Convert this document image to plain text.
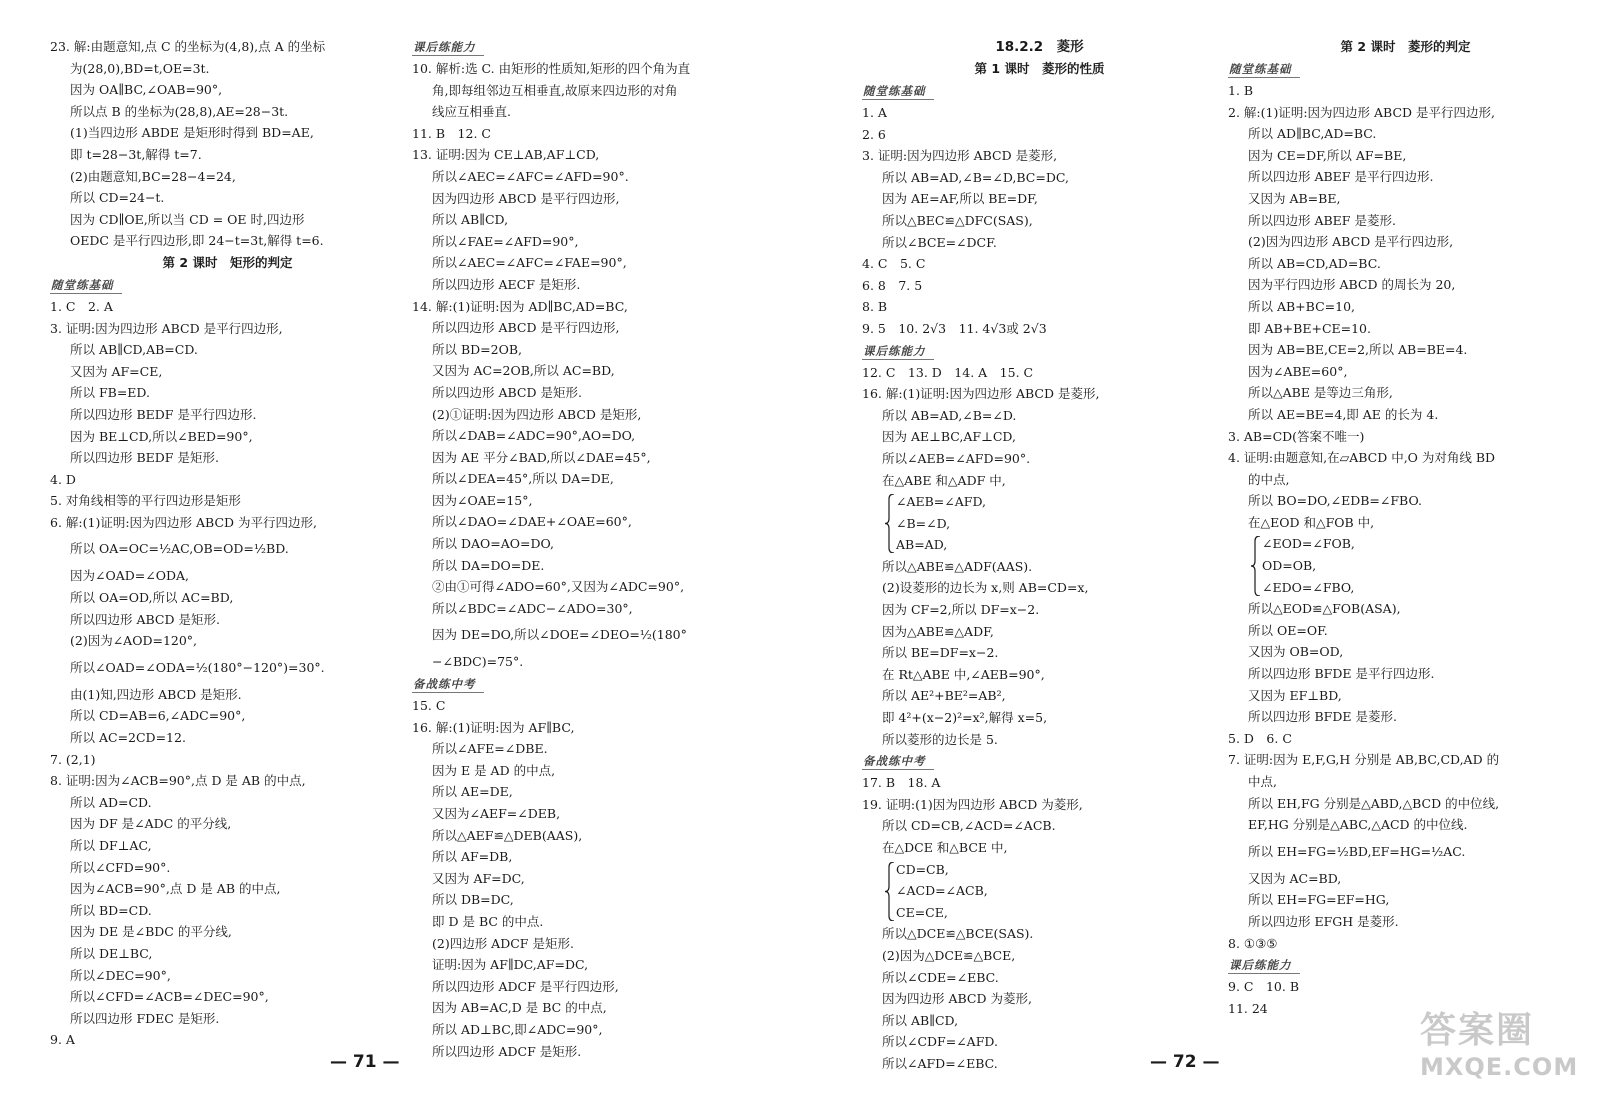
23. 解:由题意知,点 C 的坐标为(4,8),点 A 的坐标
为(28,0),BD=t,OE=3t.
因为 OA∥BC,∠OAB=90°,
所以点 B 的坐标为(28,8),AE=28−3t.
(1)当四边形 ABDE 是矩形时得到 BD=AE,
即 t=28−3t,解得 t=7.
(2)由题意知,BC=28−4=24,
所以 CD=24−t.
因为 CD∥OE,所以当 CD = OE 时,四边形
OEDC 是平行四边形,即 24−t=3t,解得 t=6.
第 2 课时　矩形的判定
随堂练基础
1. C　2. A
3. 证明:因为四边形 ABCD 是平行四边形,
所以 AB∥CD,AB=CD.
又因为 AF=CE,
所以 FB=ED.
所以四边形 BEDF 是平行四边形.
因为 BE⊥CD,所以∠BED=90°,
所以四边形 BEDF 是矩形.
4. D
5. 对角线相等的平行四边形是矩形
6. 解:(1)证明:因为四边形 ABCD 为平行四边形,
所以 OA=OC=½AC,OB=OD=½BD.
因为∠OAD=∠ODA,
所以 OA=OD,所以 AC=BD,
所以四边形 ABCD 是矩形.
(2)因为∠AOD=120°,
所以∠OAD=∠ODA=½(180°−120°)=30°.
由(1)知,四边形 ABCD 是矩形.
所以 CD=AB=6,∠ADC=90°,
所以 AC=2CD=12.
7. (2,1)
8. 证明:因为∠ACB=90°,点 D 是 AB 的中点,
所以 AD=CD.
因为 DF 是∠ADC 的平分线,
所以 DF⊥AC,
所以∠CFD=90°.
因为∠ACB=90°,点 D 是 AB 的中点,
所以 BD=CD.
因为 DE 是∠BDC 的平分线,
所以 DE⊥BC,
所以∠DEC=90°,
所以∠CFD=∠ACB=∠DEC=90°,
所以四边形 FDEC 是矩形.
9. A
课后练能力
10. 解析:选 C. 由矩形的性质知,矩形的四个角为直
角,即每组邻边互相垂直,故原来四边形的对角
线应互相垂直.
11. B　12. C
13. 证明:因为 CE⊥AB,AF⊥CD,
所以∠AEC=∠AFC=∠AFD=90°.
因为四边形 ABCD 是平行四边形,
所以 AB∥CD,
所以∠FAE=∠AFD=90°,
所以∠AEC=∠AFC=∠FAE=90°,
所以四边形 AECF 是矩形.
14. 解:(1)证明:因为 AD∥BC,AD=BC,
所以四边形 ABCD 是平行四边形,
所以 BD=2OB,
又因为 AC=2OB,所以 AC=BD,
所以四边形 ABCD 是矩形.
(2)①证明:因为四边形 ABCD 是矩形,
所以∠DAB=∠ADC=90°,AO=DO,
因为 AE 平分∠BAD,所以∠DAE=45°,
所以∠DEA=45°,所以 DA=DE,
因为∠OAE=15°,
所以∠DAO=∠DAE+∠OAE=60°,
所以 DAO=AO=DO,
所以 DA=DO=DE.
②由①可得∠ADO=60°,又因为∠ADC=90°,
所以∠BDC=∠ADC−∠ADO=30°,
因为 DE=DO,所以∠DOE=∠DEO=½(180°
−∠BDC)=75°.
备战练中考
15. C
16. 解:(1)证明:因为 AF∥BC,
所以∠AFE=∠DBE.
因为 E 是 AD 的中点,
所以 AE=DE,
又因为∠AEF=∠DEB,
所以△AEF≌△DEB(AAS),
所以 AF=DB,
又因为 AF=DC,
所以 DB=DC,
即 D 是 BC 的中点.
(2)四边形 ADCF 是矩形.
证明:因为 AF∥DC,AF=DC,
所以四边形 ADCF 是平行四边形,
因为 AB=AC,D 是 BC 的中点,
所以 AD⊥BC,即∠ADC=90°,
所以四边形 ADCF 是矩形.
18.2.2　菱形
第 1 课时　菱形的性质
随堂练基础
1. A
2. 6
3. 证明:因为四边形 ABCD 是菱形,
所以 AB=AD,∠B=∠D,BC=DC,
因为 AE=AF,所以 BE=DF,
所以△BEC≌△DFC(SAS),
所以∠BCE=∠DCF.
4. C　5. C
6. 8　7. 5
8. B
9. 5　10. 2√3　11. 4√3或 2√3
课后练能力
12. C　13. D　14. A　15. C
16. 解:(1)证明:因为四边形 ABCD 是菱形,
所以 AB=AD,∠B=∠D.
因为 AE⊥BC,AF⊥CD,
所以∠AEB=∠AFD=90°.
在△ABE 和△ADF 中,
∠AEB=∠AFD,
∠B=∠D,
AB=AD,
所以△ABE≌△ADF(AAS).
(2)设菱形的边长为 x,则 AB=CD=x,
因为 CF=2,所以 DF=x−2.
因为△ABE≌△ADF,
所以 BE=DF=x−2.
在 Rt△ABE 中,∠AEB=90°,
所以 AE²+BE²=AB²,
即 4²+(x−2)²=x²,解得 x=5,
所以菱形的边长是 5.
备战练中考
17. B　18. A
19. 证明:(1)因为四边形 ABCD 为菱形,
所以 CD=CB,∠ACD=∠ACB.
在△DCE 和△BCE 中,
CD=CB,
∠ACD=∠ACB,
CE=CE,
所以△DCE≌△BCE(SAS).
(2)因为△DCE≌△BCE,
所以∠CDE=∠EBC.
因为四边形 ABCD 为菱形,
所以 AB∥CD,
所以∠CDF=∠AFD.
所以∠AFD=∠EBC.
第 2 课时　菱形的判定
随堂练基础
1. B
2. 解:(1)证明:因为四边形 ABCD 是平行四边形,
所以 AD∥BC,AD=BC.
因为 CE=DF,所以 AF=BE,
所以四边形 ABEF 是平行四边形.
又因为 AB=BE,
所以四边形 ABEF 是菱形.
(2)因为四边形 ABCD 是平行四边形,
所以 AB=CD,AD=BC.
因为平行四边形 ABCD 的周长为 20,
所以 AB+BC=10,
即 AB+BE+CE=10.
因为 AB=BE,CE=2,所以 AB=BE=4.
因为∠ABE=60°,
所以△ABE 是等边三角形,
所以 AE=BE=4,即 AE 的长为 4.
3. AB=CD(答案不唯一)
4. 证明:由题意知,在▱ABCD 中,O 为对角线 BD
的中点,
所以 BO=DO,∠EDB=∠FBO.
在△EOD 和△FOB 中,
∠EOD=∠FOB,
OD=OB,
∠EDO=∠FBO,
所以△EOD≌△FOB(ASA),
所以 OE=OF.
又因为 OB=OD,
所以四边形 BFDE 是平行四边形.
又因为 EF⊥BD,
所以四边形 BFDE 是菱形.
5. D　6. C
7. 证明:因为 E,F,G,H 分别是 AB,BC,CD,AD 的
中点,
所以 EH,FG 分别是△ABD,△BCD 的中位线,
EF,HG 分别是△ABC,△ACD 的中位线.
所以 EH=FG=½BD,EF=HG=½AC.
又因为 AC=BD,
所以 EH=FG=EF=HG,
所以四边形 EFGH 是菱形.
8. ①③⑤
课后练能力
9. C　10. B
11. 24
— 71 —	— 72 —
答案圈
MXQE.COM
